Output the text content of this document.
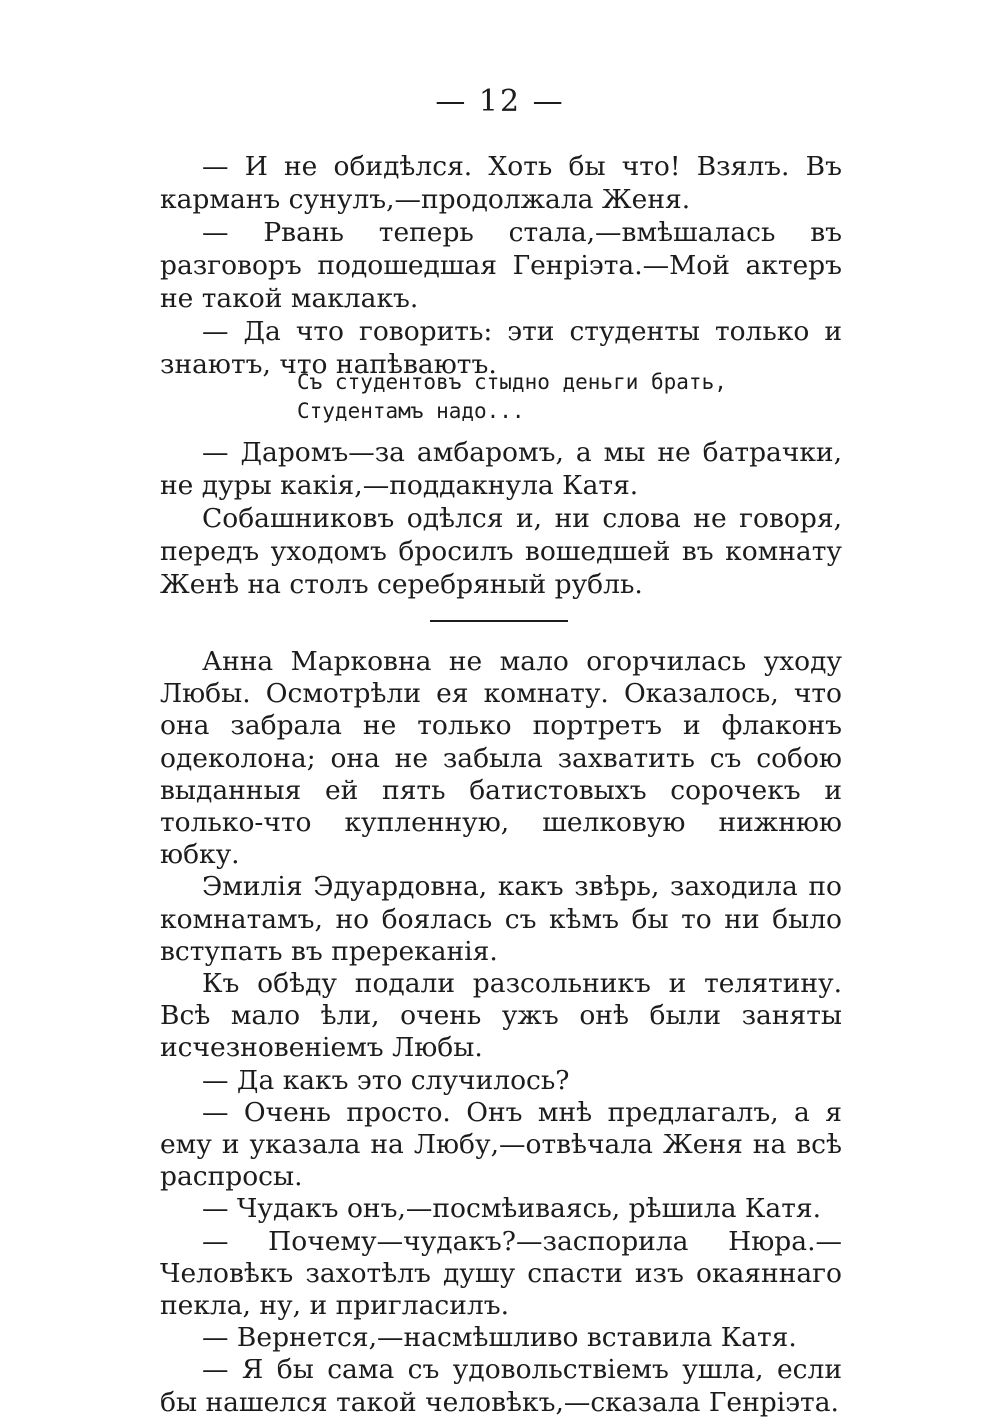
— 12 —

— И не обидѣлся. Хоть бы что! Взялъ. Въ карманъ сунулъ,—продолжала Женя.

— Рвань теперь стала,—вмѣшалась въ разговоръ подошедшая Генріэта.—Мой актеръ не такой маклакъ.

— Да что говорить: эти студенты только и знаютъ, что напѣваютъ.

Съ студентовъ стыдно деньги брать,
Студентамъ надо...

— Даромъ—за амбаромъ, а мы не батрачки, не дуры какія,—поддакнула Катя.

Собашниковъ одѣлся и, ни слова не говоря, передъ уходомъ бросилъ вошедшей въ комнату Женѣ на столъ серебряный рубль.

Анна Марковна не мало огорчилась уходу Любы. Осмотрѣли ея комнату. Оказалось, что она забрала не только портретъ и флаконъ одеколона; она не забыла захватить съ собою выданныя ей пять батистовыхъ сорочекъ и только-что купленную, шелковую нижнюю юбку.

Эмилія Эдуардовна, какъ звѣрь, заходила по комнатамъ, но боялась съ кѣмъ бы то ни было вступать въ пререканія.

Къ обѣду подали разсольникъ и телятину. Всѣ мало ѣли, очень ужъ онѣ были заняты исчезновеніемъ Любы.

— Да какъ это случилось?

— Очень просто. Онъ мнѣ предлагалъ, а я ему и указала на Любу,—отвѣчала Женя на всѣ распросы.

— Чудакъ онъ,—посмѣиваясь, рѣшила Катя.

— Почему—чудакъ?—заспорила Нюра.—Человѣкъ захотѣлъ душу спасти изъ окаяннаго пекла, ну, и пригласилъ.

— Вернется,—насмѣшливо вставила Катя.

— Я бы сама съ удовольствіемъ ушла, если бы нашелся такой человѣкъ,—сказала Генріэта.
